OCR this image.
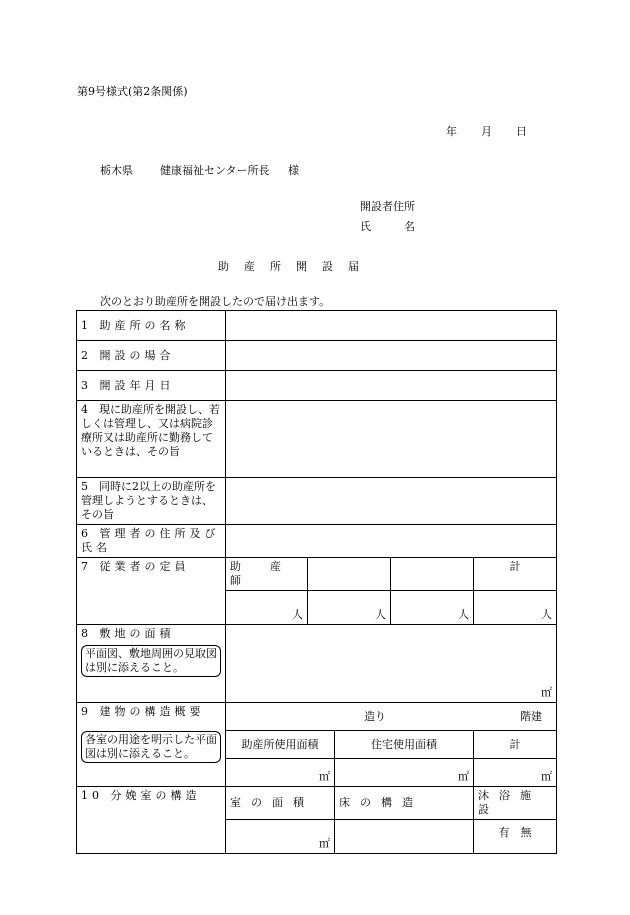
第9号様式(第2条関係)
年 月 日
栃木県 健康福祉センター所長 様
開設者住所
氏　　　名
助　産　所　開　設　届
次のとおり助産所を開設したので届け出ます。
1 助産所の名称					
2 開設の場合					
3 開設年月日					
4　現に助産所を開設し、若しくは管理し、又は病院診療所又は助産所に勤務しているときは、その旨					
5　同時に2以上の助産所を管理しようとするときは、その旨					
6 管理者の住所及び氏名					
7 従業者の定員	助　産　師				計
	人	人		人	人

8 敷地の面積
平面図、敷地周囲の見取図は別に添えること。	㎡				

9 建物の構造概要
各室の用途を明示した平面図は別に添えること。	造り 階建				
	助産所使用面積		住宅使用面積		計
	㎡		㎡		㎡
10 分娩室の構造	室の面積		床の構造		沐浴施設
	㎡				有　無
